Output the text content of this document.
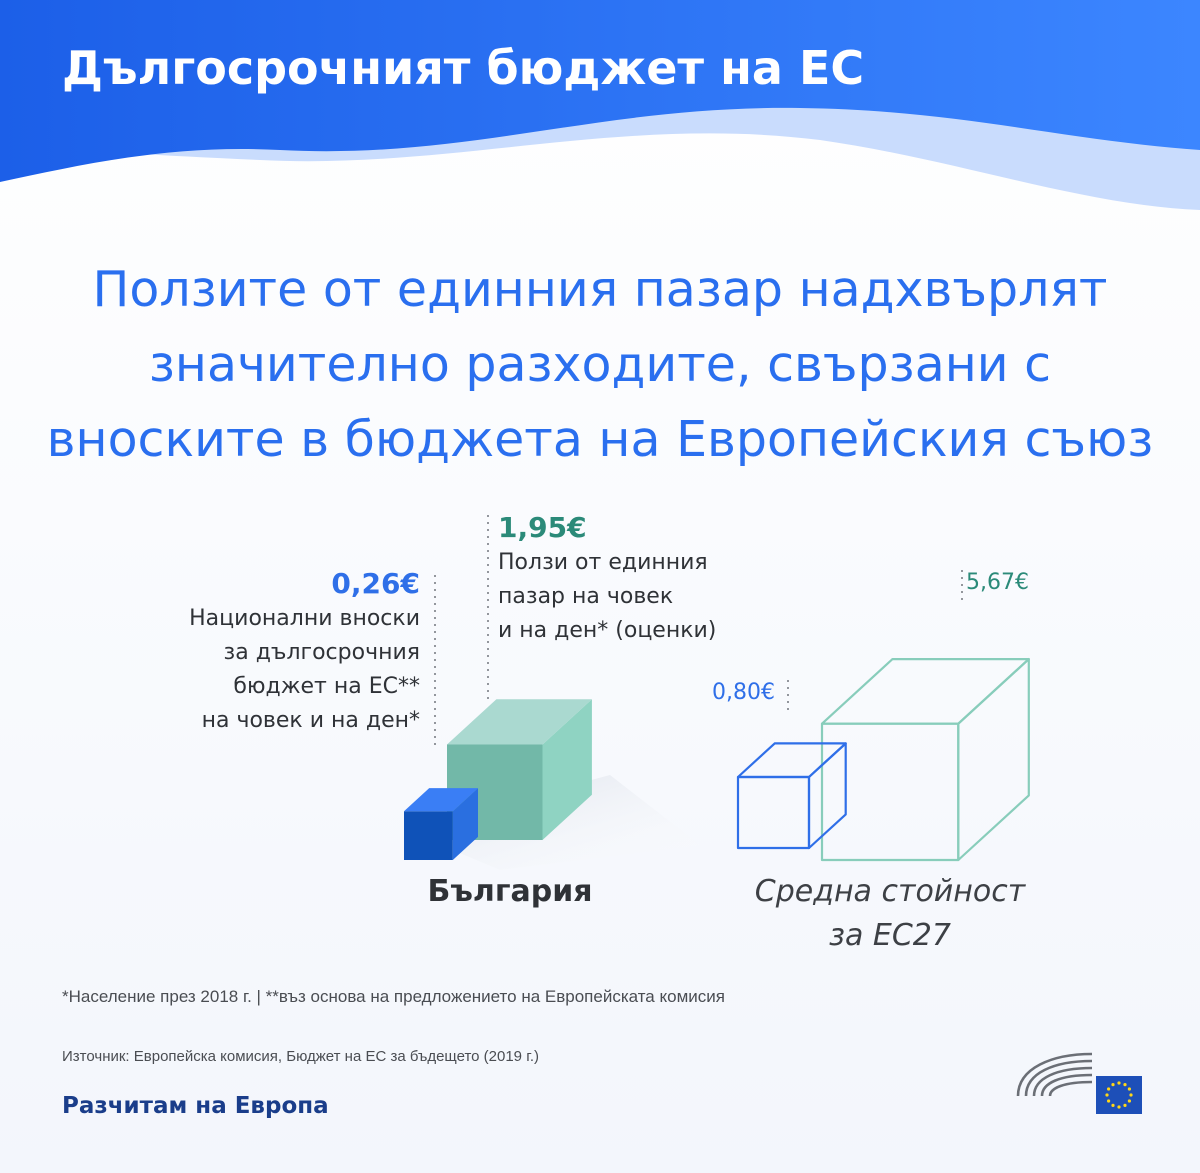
Дългосрочният бюджет на ЕС
Ползите от единния пазар надхвърлят
значително разходите, свързани с
вноските в бюджета на Европейския съюз
0,26€
Национални вноски
за дългосрочния
бюджет на ЕС**
на човек и на ден*
1,95€
Ползи от единния
пазар на човек
и на ден* (оценки)
0,80€
5,67€
България	Средна стойност
за ЕС27
*Население през 2018 г. | **въз основа на предложението на Европейската комисия
Източник: Европейска комисия, Бюджет на ЕС за бъдещето (2019 г.)
Разчитам на Европа
